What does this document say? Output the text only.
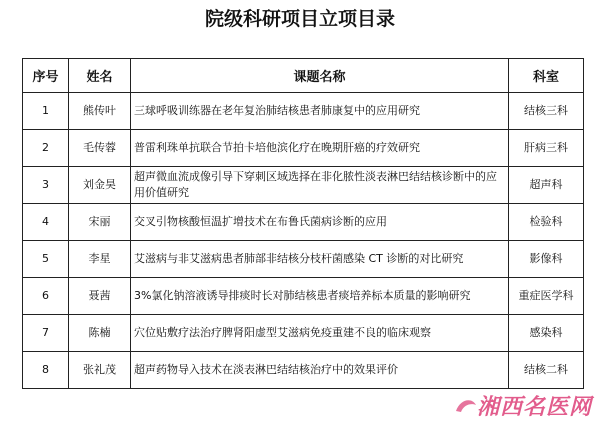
院级科研项目立项目录
序号	姓名	课题名称	科室
1	熊传叶	三球呼吸训练器在老年复治肺结核患者肺康复中的应用研究	结核三科
2	毛传蓉	普雷利珠单抗联合节拍卡培他滨化疗在晚期肝癌的疗效研究	肝病三科
3	刘金昊	超声微血流成像引导下穿刺区域选择在非化脓性淡表淋巴结结核诊断中的应用价值研究	超声科
4	宋丽	交叉引物核酸恒温扩增技术在布鲁氏菌病诊断的应用	检验科
5	李星	艾滋病与非艾滋病患者肺部非结核分枝杆菌感染 CT 诊断的对比研究	影像科
6	聂茜	3%氯化钠溶液诱导排痰时长对肺结核患者痰培养标本质量的影响研究	重症医学科
7	陈楠	穴位贴敷疗法治疗脾肾阳虚型艾滋病免疫重建不良的临床观察	感染科
8	张礼茂	超声药物导入技术在淡表淋巴结结核治疗中的效果评价	结核二科
湘西名医网
